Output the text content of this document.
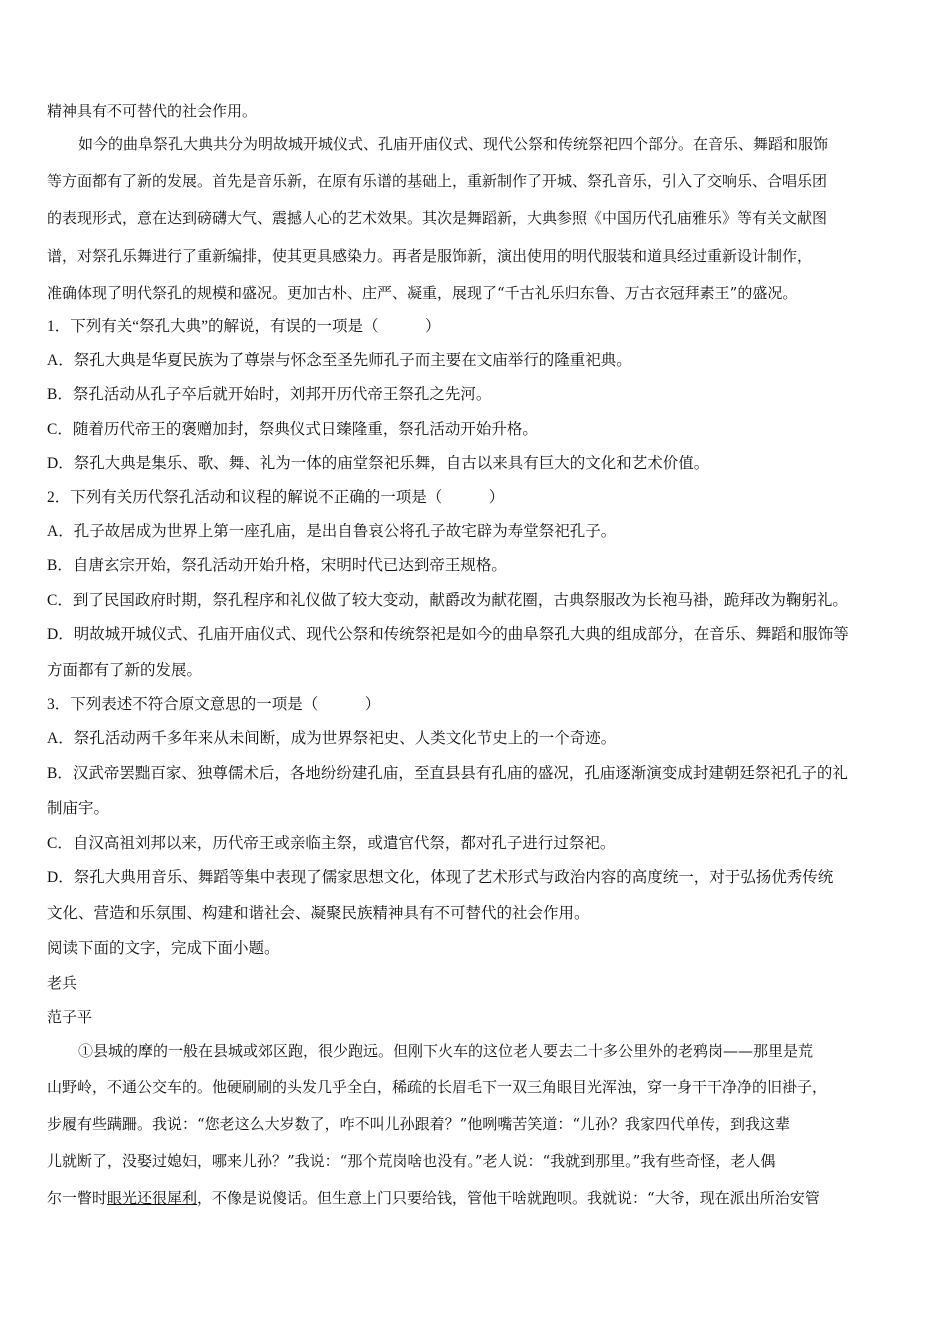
精神具有不可替代的社会作用。
如今的曲阜祭孔大典共分为明故城开城仪式、孔庙开庙仪式、现代公祭和传统祭祀四个部分。在音乐、舞蹈和服饰
等方面都有了新的发展。首先是音乐新，在原有乐谱的基础上，重新制作了开城、祭孔音乐，引入了交响乐、合唱乐团
的表现形式，意在达到磅礴大气、震撼人心的艺术效果。其次是舞蹈新，大典参照《中国历代孔庙雅乐》等有关文献图
谱，对祭孔乐舞进行了重新编排，使其更具感染力。再者是服饰新，演出使用的明代服装和道具经过重新设计制作，
准确体现了明代祭孔的规模和盛况。更加古朴、庄严、凝重，展现了“千古礼乐归东鲁、万古衣冠拜素王”的盛况。
1．下列有关“祭孔大典”的解说，有误的一项是（　　　）
A．祭孔大典是华夏民族为了尊崇与怀念至圣先师孔子而主要在文庙举行的隆重祀典。
B．祭孔活动从孔子卒后就开始时，刘邦开历代帝王祭孔之先河。
C．随着历代帝王的褒赠加封，祭典仪式日臻隆重，祭孔活动开始升格。
D．祭孔大典是集乐、歌、舞、礼为一体的庙堂祭祀乐舞，自古以来具有巨大的文化和艺术价值。
2．下列有关历代祭孔活动和议程的解说不正确的一项是（　　　）
A．孔子故居成为世界上第一座孔庙，是出自鲁哀公将孔子故宅辟为寿堂祭祀孔子。
B．自唐玄宗开始，祭孔活动开始升格，宋明时代已达到帝王规格。
C．到了民国政府时期，祭孔程序和礼仪做了较大变动，献爵改为献花圈，古典祭服改为长袍马褂，跪拜改为鞠躬礼。
D．明故城开城仪式、孔庙开庙仪式、现代公祭和传统祭祀是如今的曲阜祭孔大典的组成部分，在音乐、舞蹈和服饰等
方面都有了新的发展。
3．下列表述不符合原文意思的一项是（　　　）
A．祭孔活动两千多年来从未间断，成为世界祭祀史、人类文化节史上的一个奇迹。
B．汉武帝罢黜百家、独尊儒术后，各地纷纷建孔庙，至直县县有孔庙的盛况，孔庙逐渐演变成封建朝廷祭祀孔子的礼
制庙宇。
C．自汉高祖刘邦以来，历代帝王或亲临主祭，或遣官代祭，都对孔子进行过祭祀。
D．祭孔大典用音乐、舞蹈等集中表现了儒家思想文化，体现了艺术形式与政治内容的高度统一，对于弘扬优秀传统
文化、营造和乐氛围、构建和谐社会、凝聚民族精神具有不可替代的社会作用。
阅读下面的文字，完成下面小题。
老兵
范子平
①县城的摩的一般在县城或郊区跑，很少跑远。但刚下火车的这位老人要去二十多公里外的老鸦岗——那里是荒
山野岭，不通公交车的。他硬刷刷的头发几乎全白，稀疏的长眉毛下一双三角眼目光浑浊，穿一身干干净净的旧褂子，
步履有些蹒跚。我说：“您老这么大岁数了，咋不叫儿孙跟着？”他咧嘴苦笑道：“儿孙？我家四代单传，到我这辈
儿就断了，没娶过媳妇，哪来儿孙？”我说：“那个荒岗啥也没有。”老人说：“我就到那里。”我有些奇怪，老人偶
尔一瞥时眼光还很犀利，不像是说傻话。但生意上门只要给钱，管他干啥就跑呗。我就说：“大爷，现在派出所治安管
